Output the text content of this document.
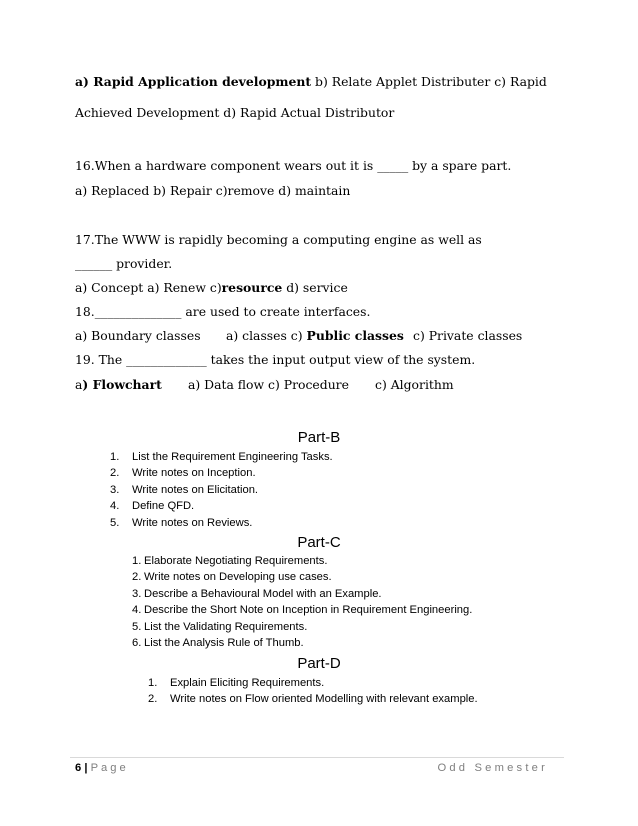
a) Rapid Application development b) Relate Applet Distributer c) Rapid
Achieved Development d) Rapid Actual Distributor
16.When a hardware component wears out it is _____ by a spare part.
a) Replaced b) Repair c)remove d) maintain
17.The WWW is rapidly becoming a computing engine as well as
______ provider.
a) Concept a) Renew c)resource d) service
18.______________ are used to create interfaces.
a) Boundary classes a) classes c) Public classes c) Private classes
19. The _____________ takes the input output view of the system.
a) Flowchart a) Data flow c) Procedure c) Algorithm
Part-B
1. List the Requirement Engineering Tasks.
2. Write notes on Inception.
3. Write notes on Elicitation.
4. Define QFD.
5. Write notes on Reviews.
Part-C
1. Elaborate Negotiating Requirements.
2. Write notes on Developing use cases.
3. Describe a Behavioural Model with an Example.
4. Describe the Short Note on Inception in Requirement Engineering.
5. List the Validating Requirements.
6. List the Analysis Rule of Thumb.
Part-D
1. Explain Eliciting Requirements.
2. Write notes on Flow oriented Modelling with relevant example.
6 | Page	Odd Semester
